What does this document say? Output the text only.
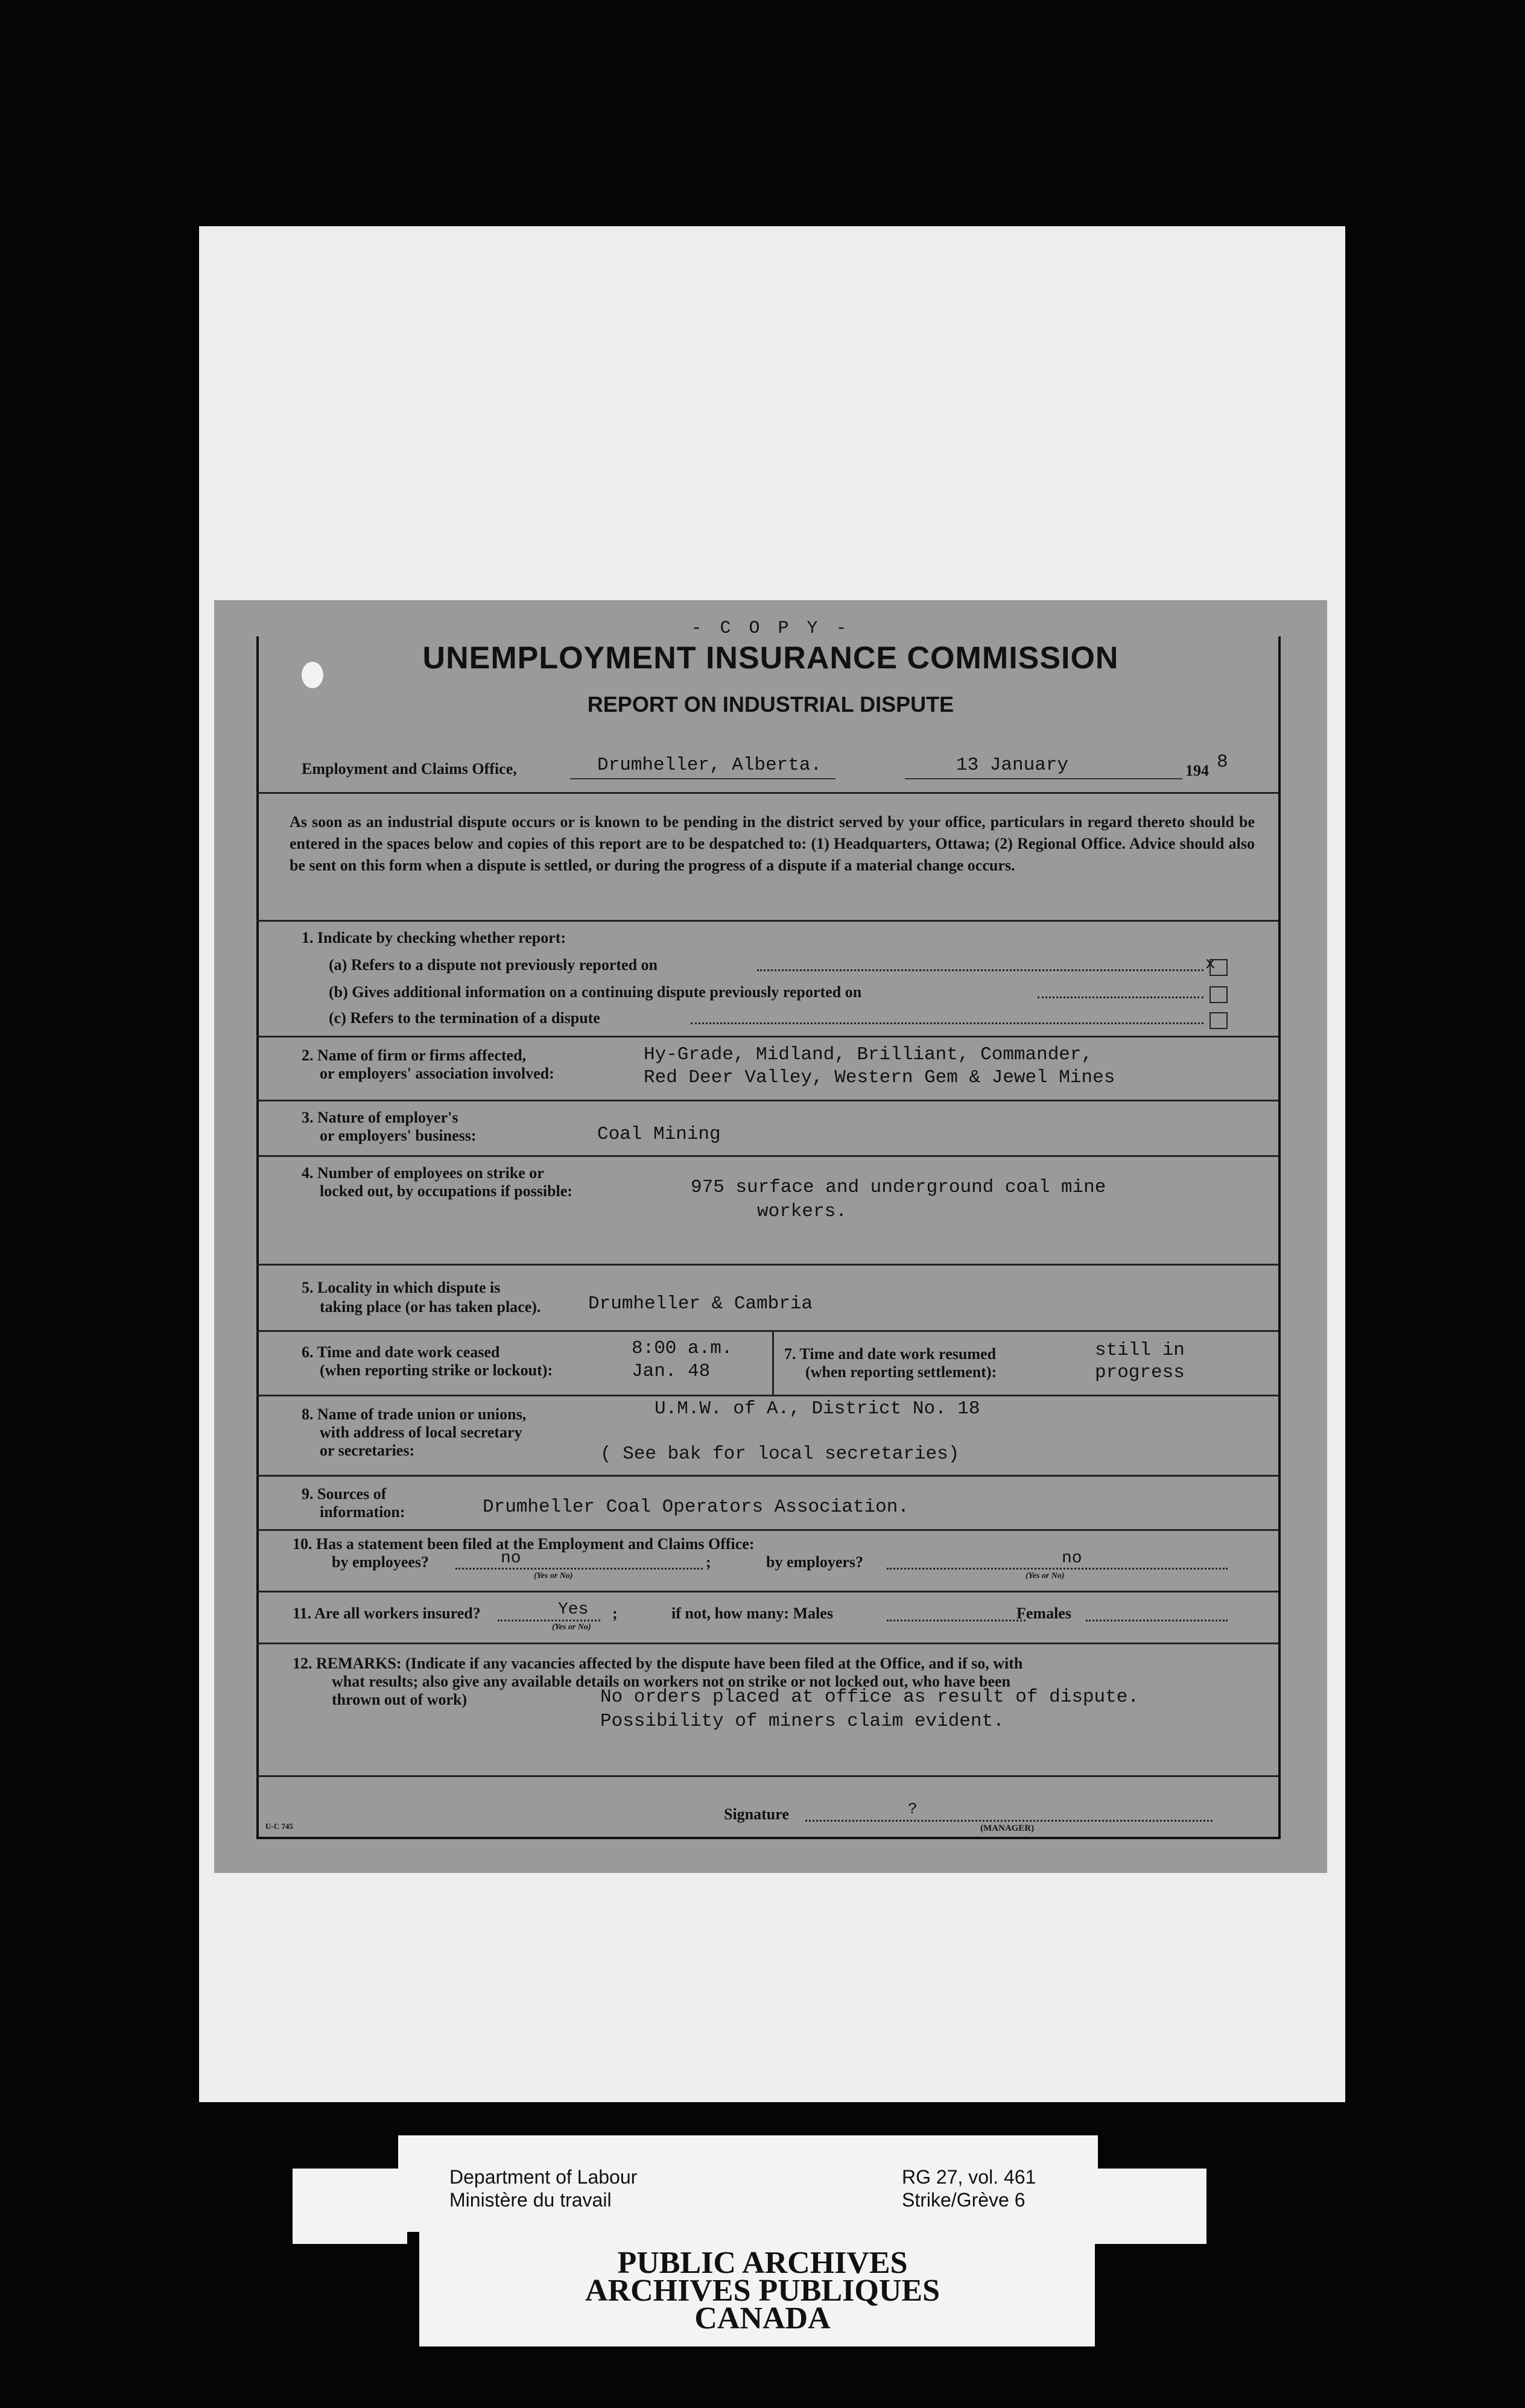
- C O P Y -
UNEMPLOYMENT INSURANCE COMMISSION
REPORT ON INDUSTRIAL DISPUTE
Employment and Claims Office,	Drumheller, Alberta.	13 January	194 8
As soon as an industrial dispute occurs or is known to be pending in the district served by your office, particulars in regard thereto should be entered in the spaces below and copies of this report are to be despatched to: (1) Headquarters, Ottawa; (2) Regional Office. Advice should also be sent on this form when a dispute is settled, or during the progress of a dispute if a material change occurs.
1. Indicate by checking whether report:
(a) Refers to a dispute not previously reported on	x
(b) Gives additional information on a continuing dispute previously reported on
(c) Refers to the termination of a dispute
2. Name of firm or firms affected,
or employers' association involved:
Hy-Grade, Midland, Brilliant, Commander,
Red Deer Valley, Western Gem & Jewel Mines
3. Nature of employer's
or employers' business:	Coal Mining
4. Number of employees on strike or
locked out, by occupations if possible:	975 surface and underground coal mine
workers.
5. Locality in which dispute is
taking place (or has taken place).	Drumheller & Cambria
6. Time and date work ceased
(when reporting strike or lockout):
8:00 a.m.
Jan. 48
7. Time and date work resumed
(when reporting settlement):
still in
progress
8. Name of trade union or unions,
with address of local secretary
or secretaries:
U.M.W. of A., District No. 18
( See bak for local secretaries)
9. Sources of
information:	Drumheller Coal Operators Association.
10. Has a statement been filed at the Employment and Claims Office:
by employees?	no
(Yes or No)
;	by employers?	no
(Yes or No)
11. Are all workers insured?	Yes
(Yes or No)
;	if not, how many: Males	Females
12. REMARKS: (Indicate if any vacancies affected by the dispute have been filed at the Office, and if so, with
what results; also give any available details on workers not on strike or not locked out, who have been
thrown out of work)	No orders placed at office as result of dispute.
Possibility of miners claim evident.
Signature	?
(MANAGER)
U-C 745
Department of Labour
Ministère du travail
RG 27, vol. 461
Strike/Grève 6
PUBLIC ARCHIVES
ARCHIVES PUBLIQUES
CANADA
